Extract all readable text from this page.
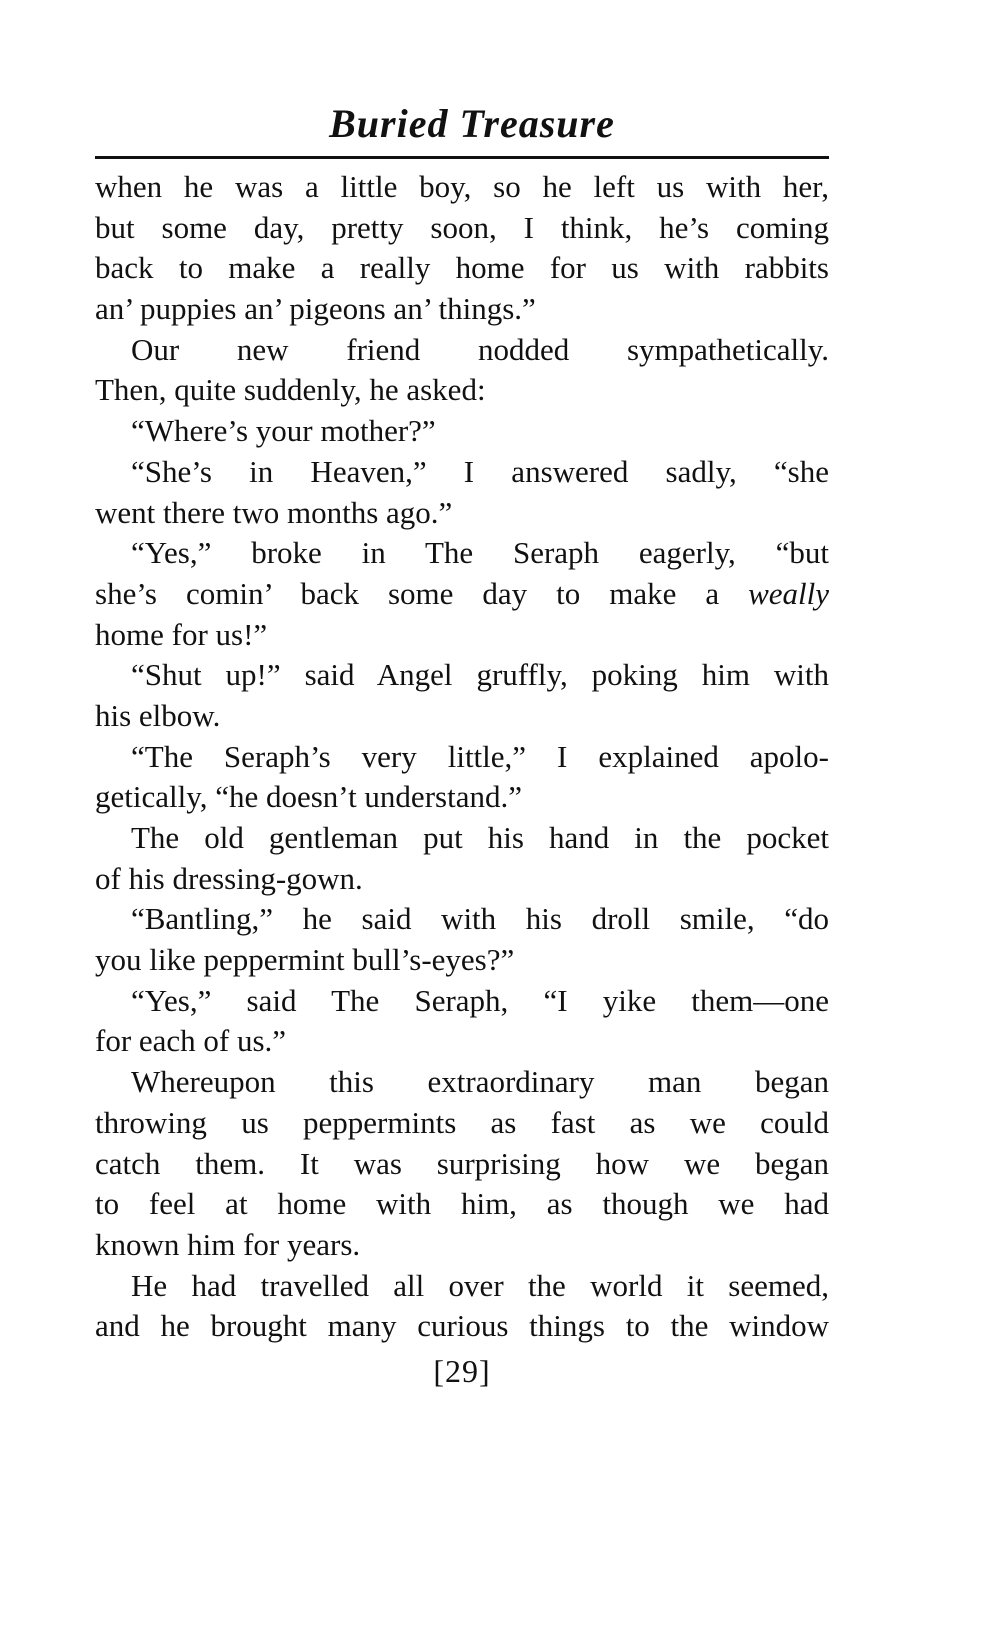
Buried Treasure
when he was a little boy, so he left us with her,
but some day, pretty soon, I think, he’s coming
back to make a really home for us with rabbits
an’ puppies an’ pigeons an’ things.”
Our new friend nodded sympathetically.
Then, quite suddenly, he asked:
“Where’s your mother?”
“She’s in Heaven,” I answered sadly, “she
went there two months ago.”
“Yes,” broke in The Seraph eagerly, “but
she’s comin’ back some day to make a weally
home for us!”
“Shut up!” said Angel gruffly, poking him with
his elbow.
“The Seraph’s very little,” I explained apolo-
getically, “he doesn’t understand.”
The old gentleman put his hand in the pocket
of his dressing-gown.
“Bantling,” he said with his droll smile, “do
you like peppermint bull’s-eyes?”
“Yes,” said The Seraph, “I yike them—one
for each of us.”
Whereupon this extraordinary man began
throwing us peppermints as fast as we could
catch them. It was surprising how we began
to feel at home with him, as though we had
known him for years.
He had travelled all over the world it seemed,
and he brought many curious things to the window
[29]
